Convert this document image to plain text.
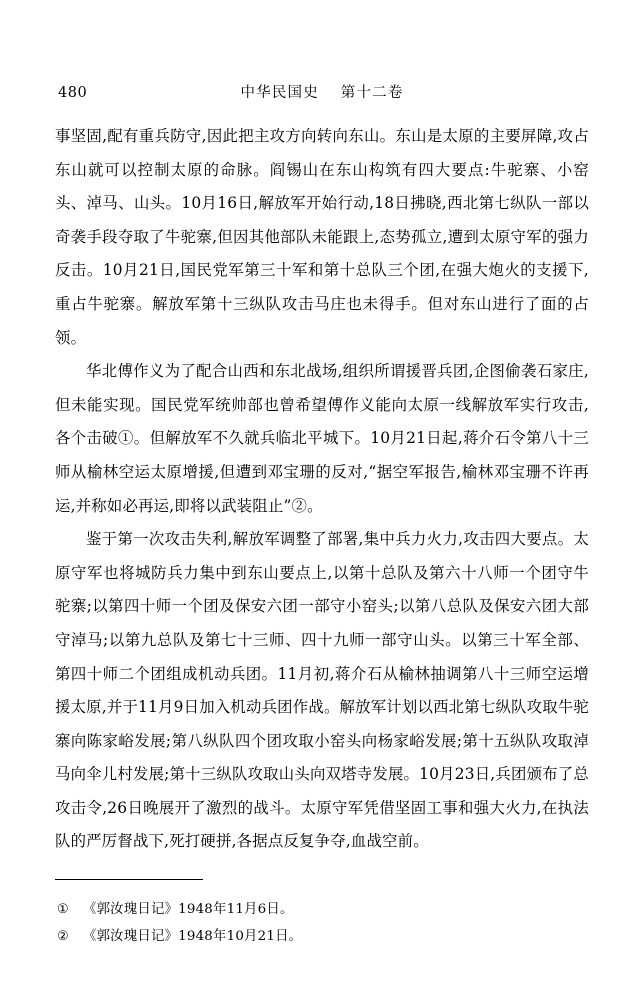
480	中华民国史 第十二卷

事坚固,配有重兵防守,因此把主攻方向转向东山。东山是太原的主要屏障,攻占东山就可以控制太原的命脉。阎锡山在东山构筑有四大要点:牛驼寨、小窑头、淖马、山头。10月16日,解放军开始行动,18日拂晓,西北第七纵队一部以奇袭手段夺取了牛驼寨,但因其他部队未能跟上,态势孤立,遭到太原守军的强力反击。10月21日,国民党军第三十军和第十总队三个团,在强大炮火的支援下,重占牛驼寨。解放军第十三纵队攻击马庄也未得手。但对东山进行了面的占领。

华北傅作义为了配合山西和东北战场,组织所谓援晋兵团,企图偷袭石家庄,但未能实现。国民党军统帅部也曾希望傅作义能向太原一线解放军实行攻击,各个击破①。但解放军不久就兵临北平城下。10月21日起,蒋介石令第八十三师从榆林空运太原增援,但遭到邓宝珊的反对,“据空军报告,榆林邓宝珊不许再运,并称如必再运,即将以武装阻止”②。

鉴于第一次攻击失利,解放军调整了部署,集中兵力火力,攻击四大要点。太原守军也将城防兵力集中到东山要点上,以第十总队及第六十八师一个团守牛驼寨;以第四十师一个团及保安六团一部守小窑头;以第八总队及保安六团大部守淖马;以第九总队及第七十三师、四十九师一部守山头。以第三十军全部、第四十师二个团组成机动兵团。11月初,蒋介石从榆林抽调第八十三师空运增援太原,并于11月9日加入机动兵团作战。解放军计划以西北第七纵队攻取牛驼寨向陈家峪发展;第八纵队四个团攻取小窑头向杨家峪发展;第十五纵队攻取淖马向伞儿村发展;第十三纵队攻取山头向双塔寺发展。10月23日,兵团颁布了总攻击令,26日晚展开了激烈的战斗。太原守军凭借坚固工事和强大火力,在执法队的严厉督战下,死打硬拼,各据点反复争夺,血战空前。

① 《郭汝瑰日记》1948年11月6日。
② 《郭汝瑰日记》1948年10月21日。
